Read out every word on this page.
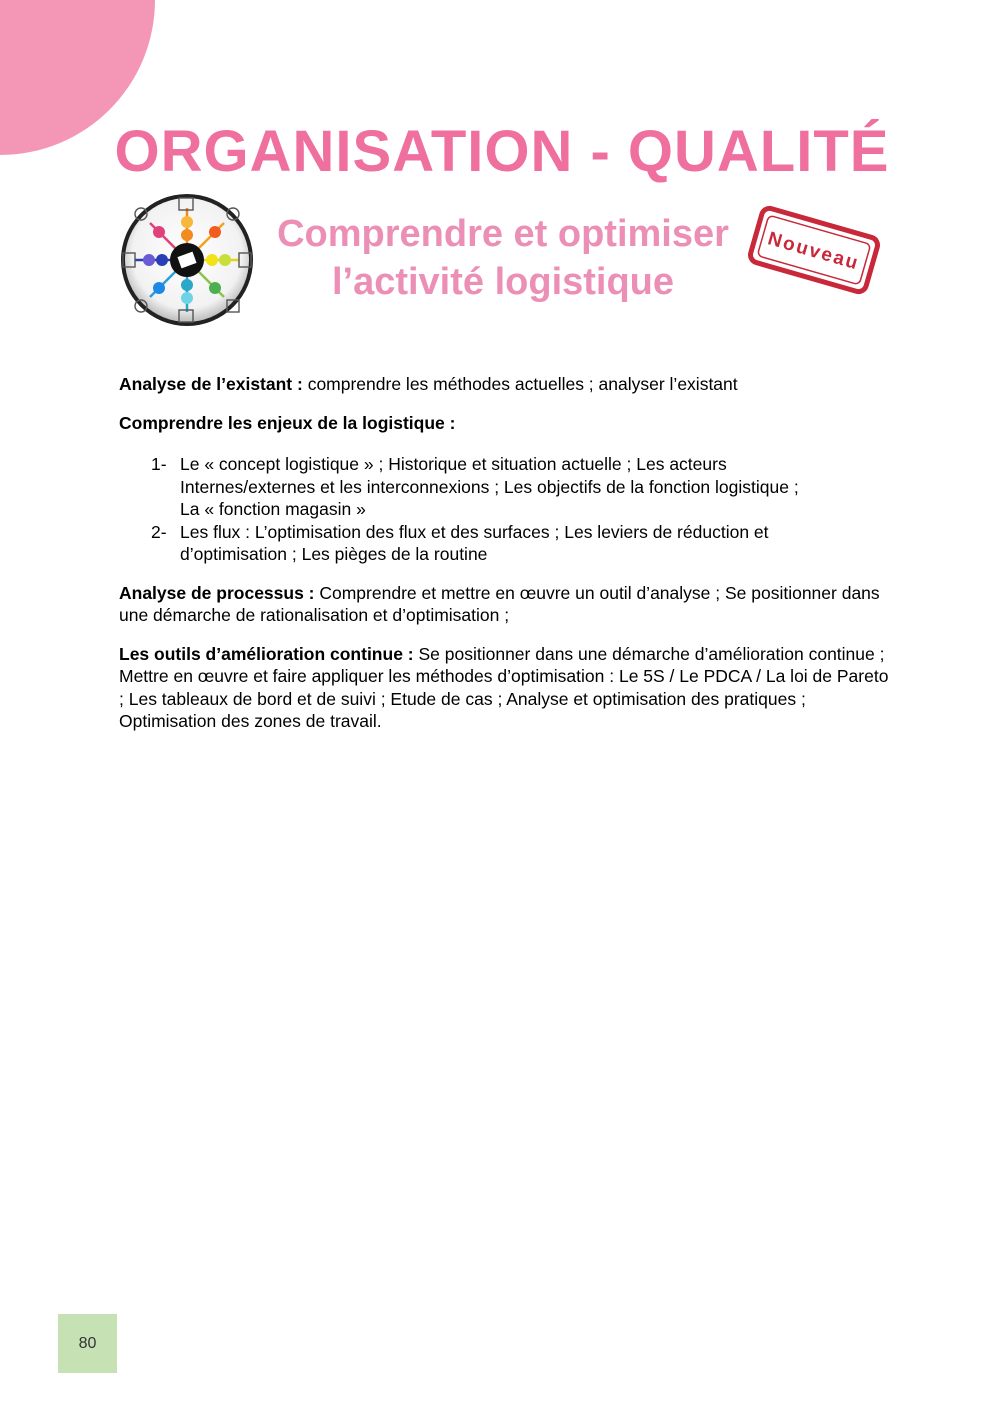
ORGANISATION - QUALITÉ
Comprendre et optimiser
l’activité logistique
Nouveau

Analyse de l’existant : comprendre les méthodes actuelles ; analyser l’existant

Comprendre les enjeux de la logistique :

1- Le « concept logistique » ; Historique et situation actuelle ; Les acteurs
Internes/externes et les interconnexions ; Les objectifs de la fonction logistique ;
La « fonction magasin »
2- Les flux : L’optimisation des flux et des surfaces ; Les leviers de réduction et
d’optimisation ; Les pièges de la routine

Analyse de processus : Comprendre et mettre en œuvre un outil d’analyse ; Se positionner dans une démarche de rationalisation et d’optimisation ;

Les outils d’amélioration continue : Se positionner dans une démarche d’amélioration continue ; Mettre en œuvre et faire appliquer les méthodes d’optimisation : Le 5S / Le PDCA / La loi de Pareto ; Les tableaux de bord et de suivi ; Etude de cas ; Analyse et optimisation des pratiques ; Optimisation des zones de travail.

80
